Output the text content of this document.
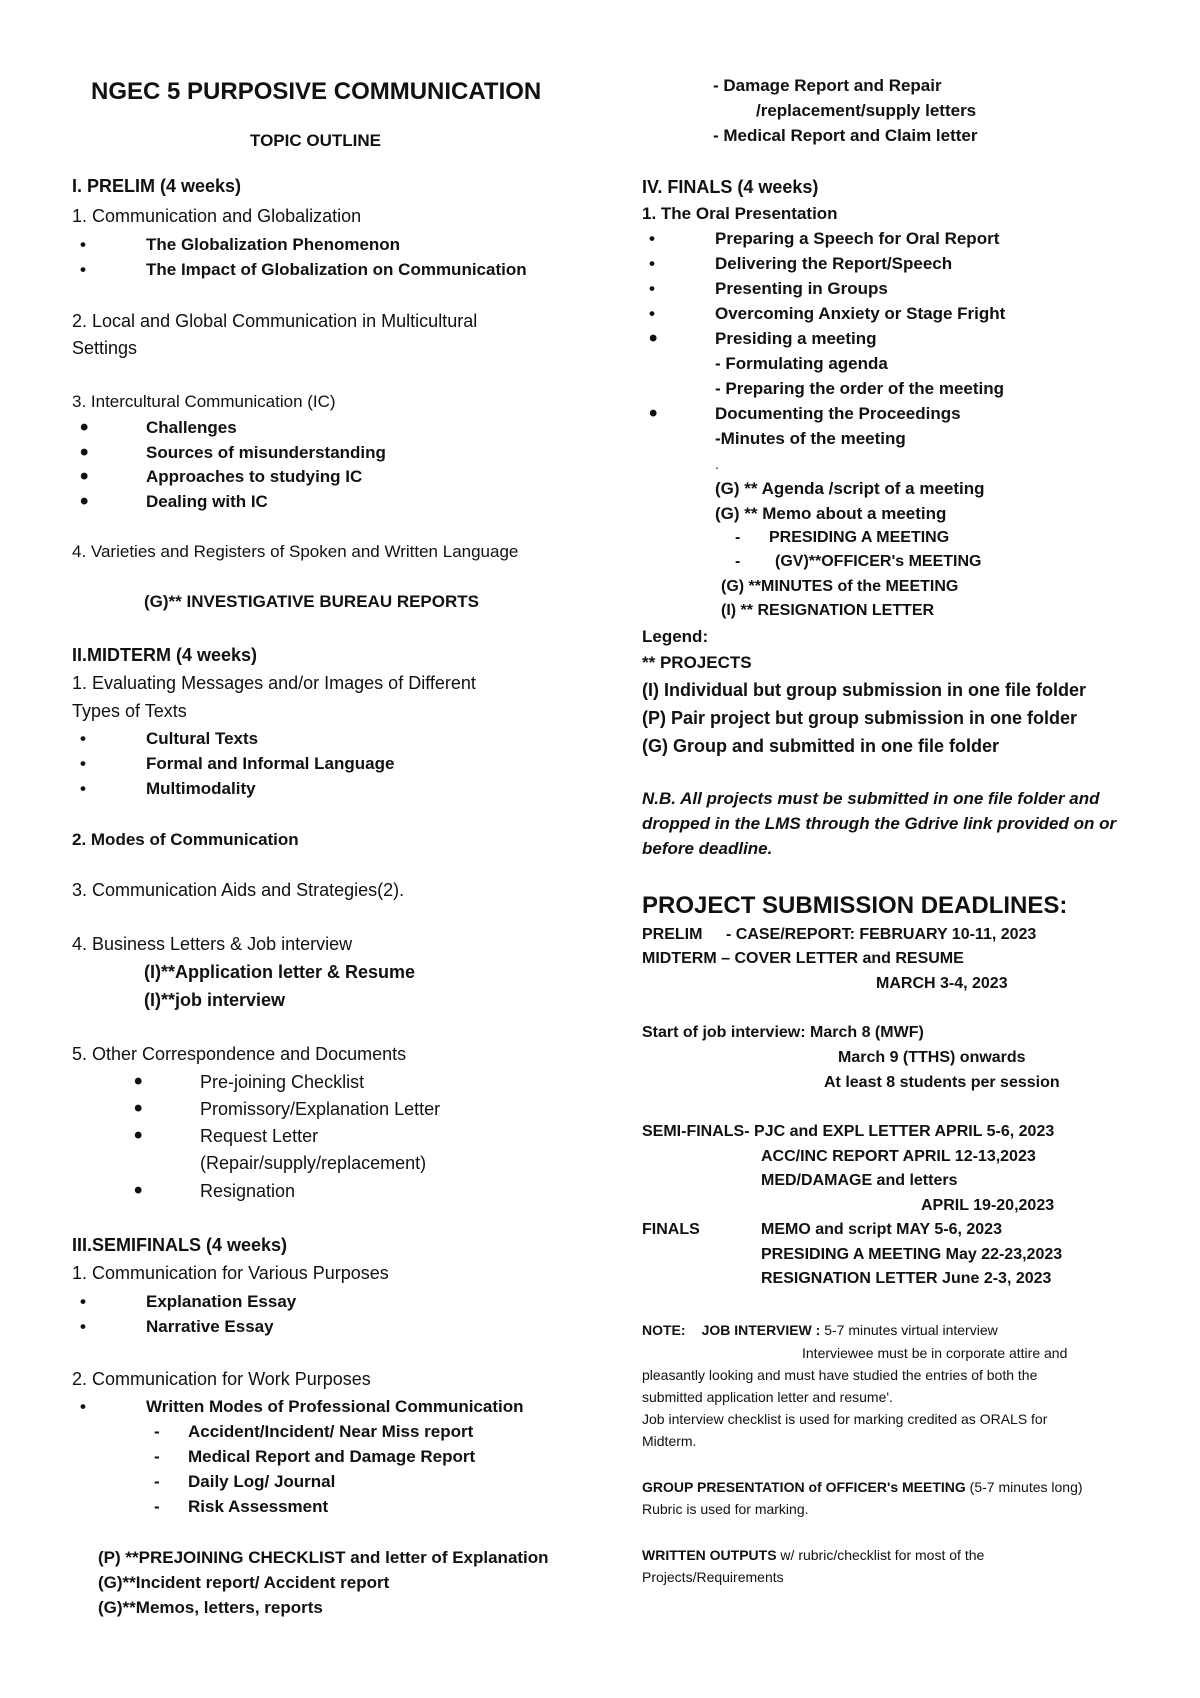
NGEC 5 PURPOSIVE COMMUNICATION
TOPIC OUTLINE
I. PRELIM (4 weeks)
1. Communication and Globalization
• The Globalization Phenomenon
• The Impact of Globalization on Communication
2. Local and Global Communication in Multicultural
Settings
3. Intercultural Communication (IC)
• Challenges
• Sources of misunderstanding
• Approaches to studying IC
• Dealing with IC
4. Varieties and Registers of Spoken and Written Language
(G)** INVESTIGATIVE BUREAU REPORTS
II.MIDTERM (4 weeks)
1. Evaluating Messages and/or Images of Different
Types of Texts
• Cultural Texts
• Formal and Informal Language
• Multimodality
2. Modes of Communication
3. Communication Aids and Strategies(2).
4. Business Letters & Job interview
(I)**Application letter & Resume
(I)**job interview
5. Other Correspondence and Documents
• Pre-joining Checklist
• Promissory/Explanation Letter
• Request Letter
(Repair/supply/replacement)
• Resignation
III.SEMIFINALS (4 weeks)
1. Communication for Various Purposes
• Explanation Essay
• Narrative Essay
2. Communication for Work Purposes
• Written Modes of Professional Communication
- Accident/Incident/ Near Miss report
- Medical Report and Damage Report
- Daily Log/ Journal
- Risk Assessment
(P) **PREJOINING CHECKLIST and letter of Explanation
(G)**Incident report/ Accident report
(G)**Memos, letters, reports
- Damage Report and Repair
/replacement/supply letters
- Medical Report and Claim letter
IV. FINALS (4 weeks)
1. The Oral Presentation
• Preparing a Speech for Oral Report
• Delivering the Report/Speech
• Presenting in Groups
• Overcoming Anxiety or Stage Fright
• Presiding a meeting
- Formulating agenda
- Preparing the order of the meeting
• Documenting the Proceedings
-Minutes of the meeting
.
(G) ** Agenda /script of a meeting
(G) ** Memo about a meeting
- PRESIDING A MEETING
- (GV)**OFFICER's MEETING
(G) **MINUTES of the MEETING
(I) ** RESIGNATION LETTER
Legend:
** PROJECTS
(I) Individual but group submission in one file folder
(P) Pair project but group submission in one folder
(G) Group and submitted in one file folder
N.B. All projects must be submitted in one file folder and
dropped in the LMS through the Gdrive link provided on or
before deadline.
PROJECT SUBMISSION DEADLINES:
PRELIM - CASE/REPORT: FEBRUARY 10-11, 2023
MIDTERM – COVER LETTER and RESUME
MARCH 3-4, 2023
Start of job interview: March 8 (MWF)
March 9 (TTHS) onwards
At least 8 students per session
SEMI-FINALS- PJC and EXPL LETTER APRIL 5-6, 2023
ACC/INC REPORT APRIL 12-13,2023
MED/DAMAGE and letters
APRIL 19-20,2023
FINALS	MEMO and script MAY 5-6, 2023
PRESIDING A MEETING May 22-23,2023
RESIGNATION LETTER June 2-3, 2023
NOTE: JOB INTERVIEW : 5-7 minutes virtual interview
Interviewee must be in corporate attire and
pleasantly looking and must have studied the entries of both the
submitted application letter and resume'.
Job interview checklist is used for marking credited as ORALS for
Midterm.
GROUP PRESENTATION of OFFICER's MEETING (5-7 minutes long)
Rubric is used for marking.
WRITTEN OUTPUTS w/ rubric/checklist for most of the
Projects/Requirements
